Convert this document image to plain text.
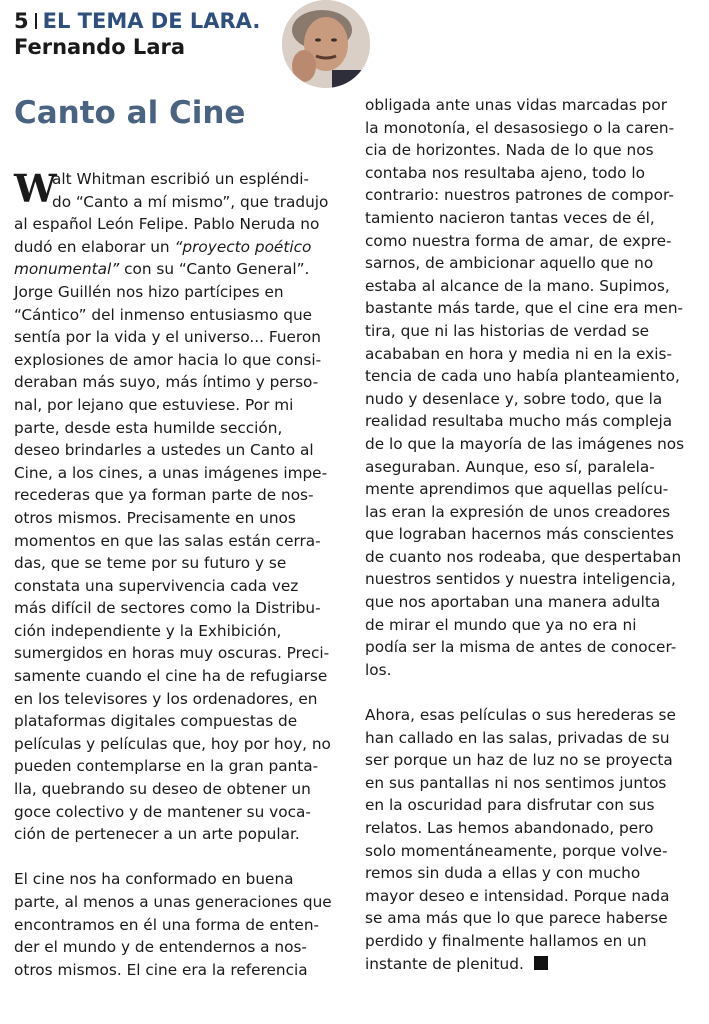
5 EL TEMA DE LARA.
Fernando Lara
Canto al Cine
W
alt Whitman escribió un espléndi-
do “Canto a mí mismo”, que tradujo
al español León Felipe. Pablo Neruda no
dudó en elaborar un “proyecto poético
monumental” con su “Canto General”.
Jorge Guillén nos hizo partícipes en
“Cántico” del inmenso entusiasmo que
sentía por la vida y el universo... Fueron
explosiones de amor hacia lo que consi-
deraban más suyo, más íntimo y perso-
nal, por lejano que estuviese. Por mi
parte, desde esta humilde sección,
deseo brindarles a ustedes un Canto al
Cine, a los cines, a unas imágenes impe-
recederas que ya forman parte de nos-
otros mismos. Precisamente en unos
momentos en que las salas están cerra-
das, que se teme por su futuro y se
constata una supervivencia cada vez
más difícil de sectores como la Distribu-
ción independiente y la Exhibición,
sumergidos en horas muy oscuras. Preci-
samente cuando el cine ha de refugiarse
en los televisores y los ordenadores, en
plataformas digitales compuestas de
películas y películas que, hoy por hoy, no
pueden contemplarse en la gran panta-
lla, quebrando su deseo de obtener un
goce colectivo y de mantener su voca-
ción de pertenecer a un arte popular.
El cine nos ha conformado en buena
parte, al menos a unas generaciones que
encontramos en él una forma de enten-
der el mundo y de entendernos a nos-
otros mismos. El cine era la referencia
obligada ante unas vidas marcadas por
la monotonía, el desasosiego o la caren-
cia de horizontes. Nada de lo que nos
contaba nos resultaba ajeno, todo lo
contrario: nuestros patrones de compor-
tamiento nacieron tantas veces de él,
como nuestra forma de amar, de expre-
sarnos, de ambicionar aquello que no
estaba al alcance de la mano. Supimos,
bastante más tarde, que el cine era men-
tira, que ni las historias de verdad se
acababan en hora y media ni en la exis-
tencia de cada uno había planteamiento,
nudo y desenlace y, sobre todo, que la
realidad resultaba mucho más compleja
de lo que la mayoría de las imágenes nos
aseguraban. Aunque, eso sí, paralela-
mente aprendimos que aquellas pelícu-
las eran la expresión de unos creadores
que lograban hacernos más conscientes
de cuanto nos rodeaba, que despertaban
nuestros sentidos y nuestra inteligencia,
que nos aportaban una manera adulta
de mirar el mundo que ya no era ni
podía ser la misma de antes de conocer-
los.
Ahora, esas películas o sus herederas se
han callado en las salas, privadas de su
ser porque un haz de luz no se proyecta
en sus pantallas ni nos sentimos juntos
en la oscuridad para disfrutar con sus
relatos. Las hemos abandonado, pero
solo momentáneamente, porque volve-
remos sin duda a ellas y con mucho
mayor deseo e intensidad. Porque nada
se ama más que lo que parece haberse
perdido y finalmente hallamos en un
instante de plenitud.
